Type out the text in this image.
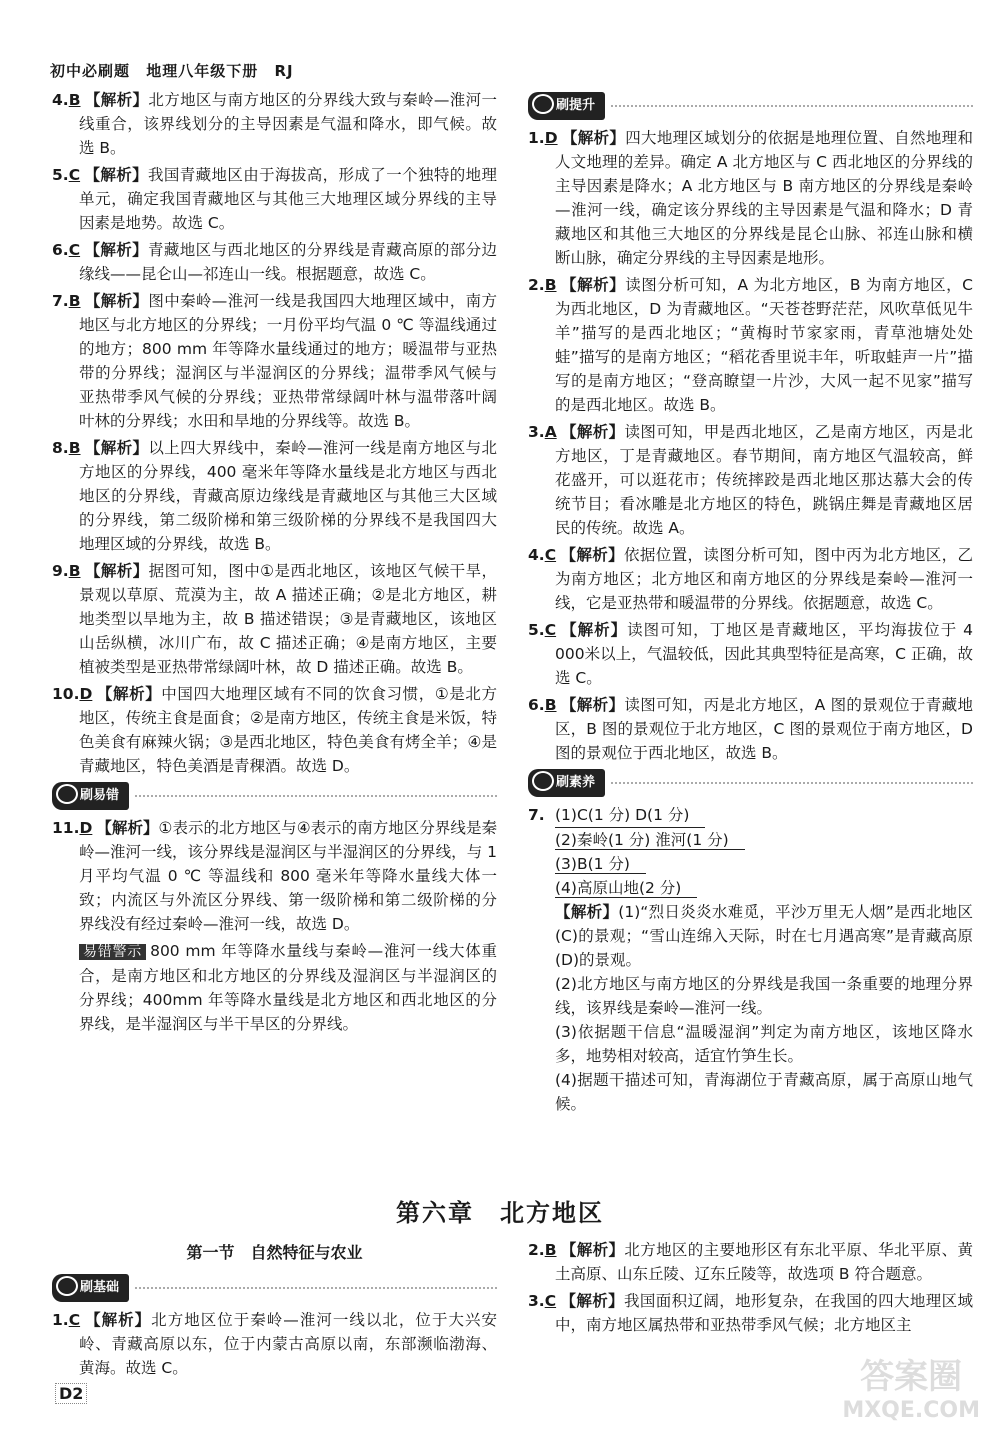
初中必刷题 地理八年级下册 RJ
4.B 【解析】北方地区与南方地区的分界线大致与秦岭—淮河一线重合，该界线划分的主导因素是气温和降水，即气候。故选 B。
5.C 【解析】我国青藏地区由于海拔高，形成了一个独特的地理单元，确定我国青藏地区与其他三大地理区域分界线的主导因素是地势。故选 C。
6.C 【解析】青藏地区与西北地区的分界线是青藏高原的部分边缘线——昆仑山—祁连山一线。根据题意，故选 C。
7.B 【解析】图中秦岭—淮河一线是我国四大地理区域中，南方地区与北方地区的分界线；一月份平均气温 0 ℃ 等温线通过的地方；800 mm 年等降水量线通过的地方；暖温带与亚热带的分界线；湿润区与半湿润区的分界线；温带季风气候与亚热带季风气候的分界线；亚热带常绿阔叶林与温带落叶阔叶林的分界线；水田和旱地的分界线等。故选 B。
8.B 【解析】以上四大界线中，秦岭—淮河一线是南方地区与北方地区的分界线，400 毫米年等降水量线是北方地区与西北地区的分界线，青藏高原边缘线是青藏地区与其他三大区域的分界线，第二级阶梯和第三级阶梯的分界线不是我国四大地理区域的分界线，故选 B。
9.B 【解析】据图可知，图中①是西北地区，该地区气候干旱，景观以草原、荒漠为主，故 A 描述正确；②是北方地区，耕地类型以旱地为主，故 B 描述错误；③是青藏地区，该地区山岳纵横，冰川广布，故 C 描述正确；④是南方地区，主要植被类型是亚热带常绿阔叶林，故 D 描述正确。故选 B。
10.D 【解析】中国四大地理区域有不同的饮食习惯，①是北方地区，传统主食是面食；②是南方地区，传统主食是米饭，特色美食有麻辣火锅；③是西北地区，特色美食有烤全羊；④是青藏地区，特色美酒是青稞酒。故选 D。
刷易错
11.D 【解析】①表示的北方地区与④表示的南方地区分界线是秦岭—淮河一线，该分界线是湿润区与半湿润区的分界线，与 1 月平均气温 0 ℃ 等温线和 800 毫米年等降水量线大体一致；内流区与外流区分界线、第一级阶梯和第二级阶梯的分界线没有经过秦岭—淮河一线，故选 D。
易错警示 800 mm 年等降水量线与秦岭—淮河一线大体重合，是南方地区和北方地区的分界线及湿润区与半湿润区的分界线；400mm 年等降水量线是北方地区和西北地区的分界线，是半湿润区与半干旱区的分界线。
刷提升
1.D 【解析】四大地理区域划分的依据是地理位置、自然地理和人文地理的差异。确定 A 北方地区与 C 西北地区的分界线的主导因素是降水；A 北方地区与 B 南方地区的分界线是秦岭—淮河一线，确定该分界线的主导因素是气温和降水；D 青藏地区和其他三大地区的分界线是昆仑山脉、祁连山脉和横断山脉，确定分界线的主导因素是地形。
2.B 【解析】读图分析可知，A 为北方地区，B 为南方地区，C 为西北地区，D 为青藏地区。“天苍苍野茫茫，风吹草低见牛羊”描写的是西北地区；“黄梅时节家家雨，青草池塘处处蛙”描写的是南方地区；“稻花香里说丰年，听取蛙声一片”描写的是南方地区；“登高瞭望一片沙，大风一起不见家”描写的是西北地区。故选 B。
3.A 【解析】读图可知，甲是西北地区，乙是南方地区，丙是北方地区，丁是青藏地区。春节期间，南方地区气温较高，鲜花盛开，可以逛花市；传统摔跤是西北地区那达慕大会的传统节目；看冰雕是北方地区的特色，跳锅庄舞是青藏地区居民的传统。故选 A。
4.C 【解析】依据位置，读图分析可知，图中丙为北方地区，乙为南方地区；北方地区和南方地区的分界线是秦岭—淮河一线，它是亚热带和暖温带的分界线。依据题意，故选 C。
5.C 【解析】读图可知，丁地区是青藏地区，平均海拔位于 4 000米以上，气温较低，因此其典型特征是高寒，C 正确，故选 C。
6.B 【解析】读图可知，丙是北方地区，A 图的景观位于青藏地区，B 图的景观位于北方地区，C 图的景观位于南方地区，D 图的景观位于西北地区，故选 B。
刷素养
7. (1)C(1 分) D(1 分)
(2)秦岭(1 分) 淮河(1 分)
(3)B(1 分)
(4)高原山地(2 分)
【解析】(1)“烈日炎炎水难觅，平沙万里无人烟”是西北地区(C)的景观；“雪山连绵入天际，时在七月遇高寒”是青藏高原(D)的景观。
(2)北方地区与南方地区的分界线是我国一条重要的地理分界线，该界线是秦岭—淮河一线。
(3)依据题干信息“温暖湿润”判定为南方地区，该地区降水多，地势相对较高，适宜竹笋生长。
(4)据题干描述可知，青海湖位于青藏高原，属于高原山地气候。
第六章　北方地区
第一节　自然特征与农业
刷基础
1.C 【解析】北方地区位于秦岭—淮河一线以北，位于大兴安岭、青藏高原以东，位于内蒙古高原以南，东部濒临渤海、黄海。故选 C。
2.B 【解析】北方地区的主要地形区有东北平原、华北平原、黄土高原、山东丘陵、辽东丘陵等，故选项 B 符合题意。
3.C 【解析】我国面积辽阔，地形复杂，在我国的四大地理区域中，南方地区属热带和亚热带季风气候；北方地区主
D2	答案圈
MXQE.COM
